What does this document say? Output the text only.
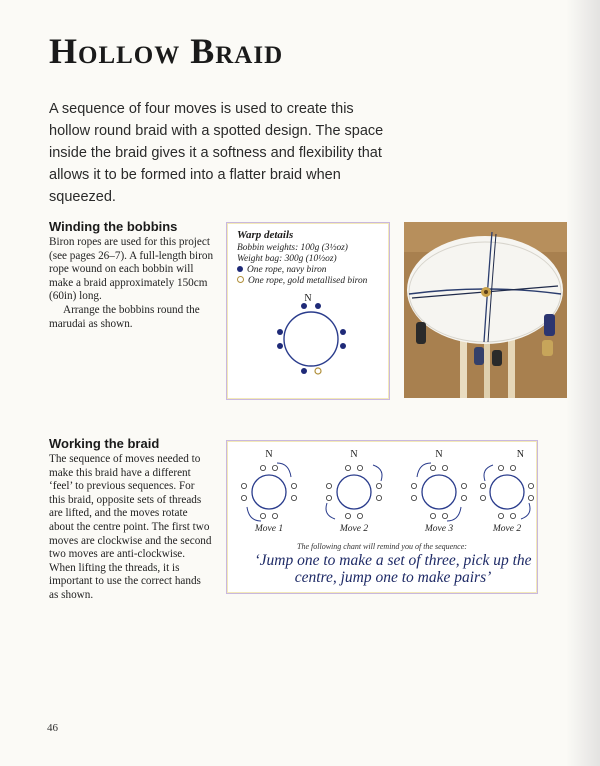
Hollow Braid

A sequence of four moves is used to create this hollow round braid with a spotted design. The space inside the braid gives it a softness and flexibility that allows it to be formed into a flatter braid when squeezed.

Winding the bobbins

Biron ropes are used for this project (see pages 26–7). A full-length biron rope wound on each bobbin will make a braid approximately 150cm (60in) long.
Arrange the bobbins round the marudai as shown.

Warp details

Bobbin weights: 100g (3½oz)

Weight bag: 300g (10½oz)

One rope, navy biron

One rope, gold metallised biron

N
Working the braid

The sequence of moves needed to make this braid have a different ‘feel’ to previous sequences. For this braid, opposite sets of threads are lifted, and the moves rotate about the centre point. The first two moves are clockwise and the second two moves are anti-clockwise. When lifting the threads, it is important to use the correct hands as shown.

N
Move 1
N
Move 2
N
Move 3
N
Move 2

The following chant will remind you of the sequence:

‘Jump one to make a set of three, pick up the centre, jump one to make pairs’

46
